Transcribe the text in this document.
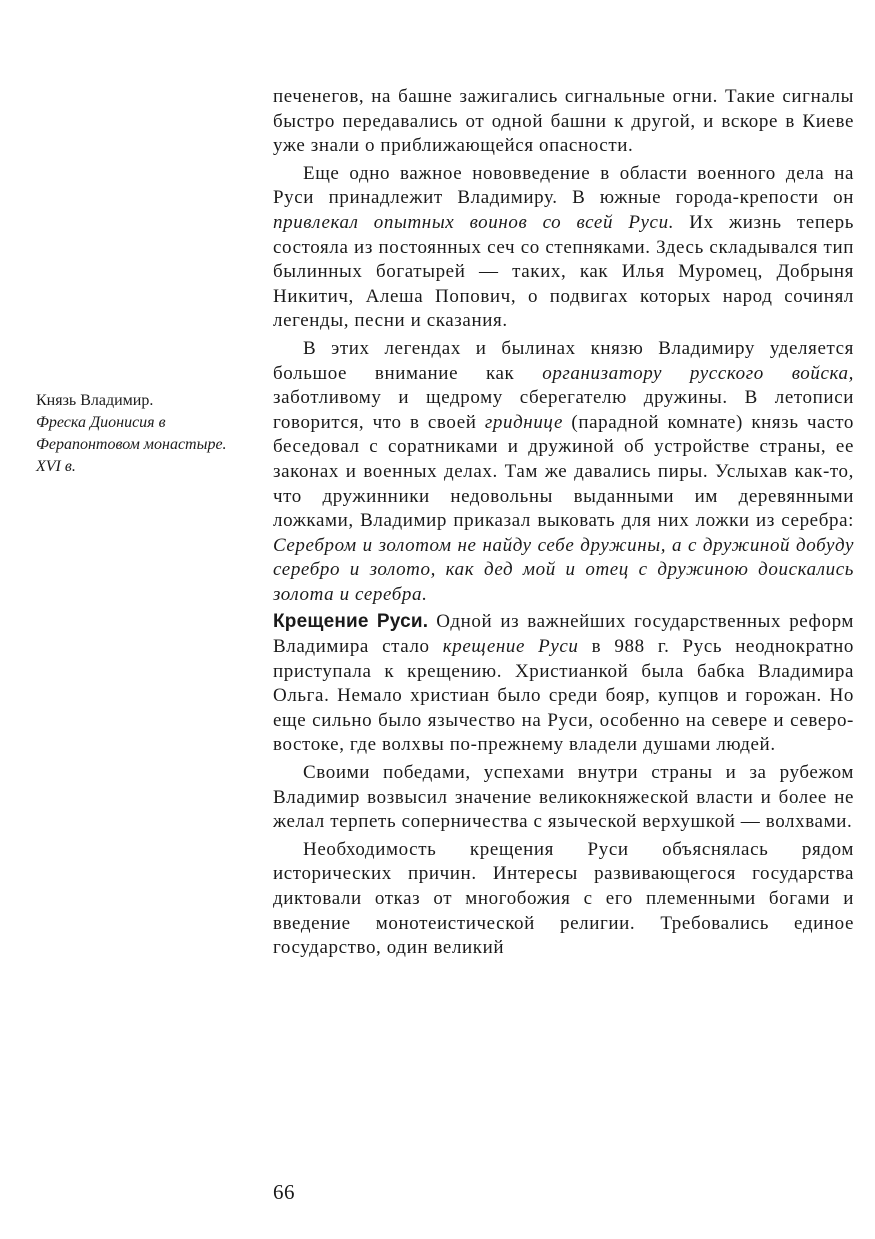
Князь Владимир.
Фреска Дионисия в Ферапонтовом монастыре. XVI в.

печенегов, на башне зажигались сигнальные огни. Такие сигналы быстро передавались от одной башни к другой, и вскоре в Киеве уже знали о приближающейся опасности.

Еще одно важное нововведение в области военного дела на Руси принадлежит Владимиру. В южные города-крепости он привлекал опытных воинов со всей Руси. Их жизнь теперь состояла из постоянных сеч со степняками. Здесь складывался тип былинных богатырей — таких, как Илья Муромец, Добрыня Никитич, Алеша Попович, о подвигах которых народ сочинял легенды, песни и сказания.

В этих легендах и былинах князю Владимиру уделяется большое внимание как организатору русского войска, заботливому и щедрому сберегателю дружины. В летописи говорится, что в своей гриднице (парадной комнате) князь часто беседовал с соратниками и дружиной об устройстве страны, ее законах и военных делах. Там же давались пиры. Услыхав как-то, что дружинники недовольны выданными им деревянными ложками, Владимир приказал выковать для них ложки из серебра: Серебром и золотом не найду себе дружины, а с дружиной добуду серебро и золото, как дед мой и отец с дружиною доискались золота и серебра.

Крещение Руси. Одной из важнейших государственных реформ Владимира стало крещение Руси в 988 г. Русь неоднократно приступала к крещению. Христианкой была бабка Владимира Ольга. Немало христиан было среди бояр, купцов и горожан. Но еще сильно было язычество на Руси, особенно на севере и северо-востоке, где волхвы по-прежнему владели душами людей.

Своими победами, успехами внутри страны и за рубежом Владимир возвысил значение великокняжеской власти и более не желал терпеть соперничества с языческой верхушкой — волхвами.

Необходимость крещения Руси объяснялась рядом исторических причин. Интересы развивающегося государства диктовали отказ от многобожия с его племенными богами и введение монотеистической религии. Требовались единое государство, один великий

66
